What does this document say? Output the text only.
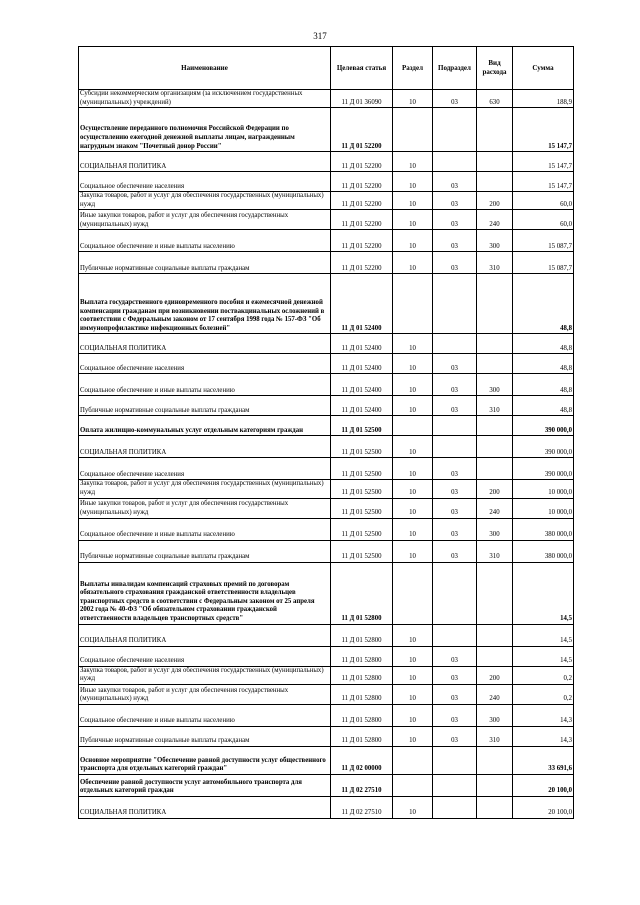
317
Наименование	Целевая статья	Раздел	Подраздел	Вид расхода	Сумма
Субсидии некоммерческим организациям (за исключением государственных (муниципальных) учреждений)	11 Д 01 36090	10	03	630	188,9
Осуществление переданного полномочия Российской Федерации по осуществлению ежегодной денежной выплаты лицам, награжденным нагрудным знаком "Почетный донор России"	11 Д 01 52200				15 147,7
СОЦИАЛЬНАЯ ПОЛИТИКА	11 Д 01 52200	10			15 147,7
Социальное обеспечение населения	11 Д 01 52200	10	03		15 147,7
Закупка товаров, работ и услуг для обеспечения государственных (муниципальных) нужд	11 Д 01 52200	10	03	200	60,0
Иные закупки товаров, работ и услуг для обеспечения государственных (муниципальных) нужд	11 Д 01 52200	10	03	240	60,0
Социальное обеспечение и иные выплаты населению	11 Д 01 52200	10	03	300	15 087,7
Публичные нормативные социальные выплаты гражданам	11 Д 01 52200	10	03	310	15 087,7
Выплата государственного единовременного пособия и ежемесячной денежной компенсации гражданам при возникновении поствакцинальных осложнений в соответствии с Федеральным законом от 17 сентября 1998 года № 157-ФЗ "Об иммунопрофилактике инфекционных болезней"	11 Д 01 52400				48,8
СОЦИАЛЬНАЯ ПОЛИТИКА	11 Д 01 52400	10			48,8
Социальное обеспечение населения	11 Д 01 52400	10	03		48,8
Социальное обеспечение и иные выплаты населению	11 Д 01 52400	10	03	300	48,8
Публичные нормативные социальные выплаты гражданам	11 Д 01 52400	10	03	310	48,8
Оплата жилищно-коммунальных услуг отдельным категориям граждан	11 Д 01 52500				390 000,0
СОЦИАЛЬНАЯ ПОЛИТИКА	11 Д 01 52500	10			390 000,0
Социальное обеспечение населения	11 Д 01 52500	10	03		390 000,0
Закупка товаров, работ и услуг для обеспечения государственных (муниципальных) нужд	11 Д 01 52500	10	03	200	10 000,0
Иные закупки товаров, работ и услуг для обеспечения государственных (муниципальных) нужд	11 Д 01 52500	10	03	240	10 000,0
Социальное обеспечение и иные выплаты населению	11 Д 01 52500	10	03	300	380 000,0
Публичные нормативные социальные выплаты гражданам	11 Д 01 52500	10	03	310	380 000,0
Выплаты инвалидам компенсаций страховых премий по договорам обязательного страхования гражданской ответственности владельцев транспортных средств в соответствии с Федеральным законом от 25 апреля 2002 года № 40-ФЗ "Об обязательном страховании гражданской ответственности владельцев транспортных средств"	11 Д 01 52800				14,5
СОЦИАЛЬНАЯ ПОЛИТИКА	11 Д 01 52800	10			14,5
Социальное обеспечение населения	11 Д 01 52800	10	03		14,5
Закупка товаров, работ и услуг для обеспечения государственных (муниципальных) нужд	11 Д 01 52800	10	03	200	0,2
Иные закупки товаров, работ и услуг для обеспечения государственных (муниципальных) нужд	11 Д 01 52800	10	03	240	0,2
Социальное обеспечение и иные выплаты населению	11 Д 01 52800	10	03	300	14,3
Публичные нормативные социальные выплаты гражданам	11 Д 01 52800	10	03	310	14,3
Основное мероприятие "Обеспечение равной доступности услуг общественного транспорта для отдельных категорий граждан"	11 Д 02 00000				33 691,6
Обеспечение равной доступности услуг автомобильного транспорта для отдельных категорий граждан	11 Д 02 27510				20 100,0
СОЦИАЛЬНАЯ ПОЛИТИКА	11 Д 02 27510	10			20 100,0
